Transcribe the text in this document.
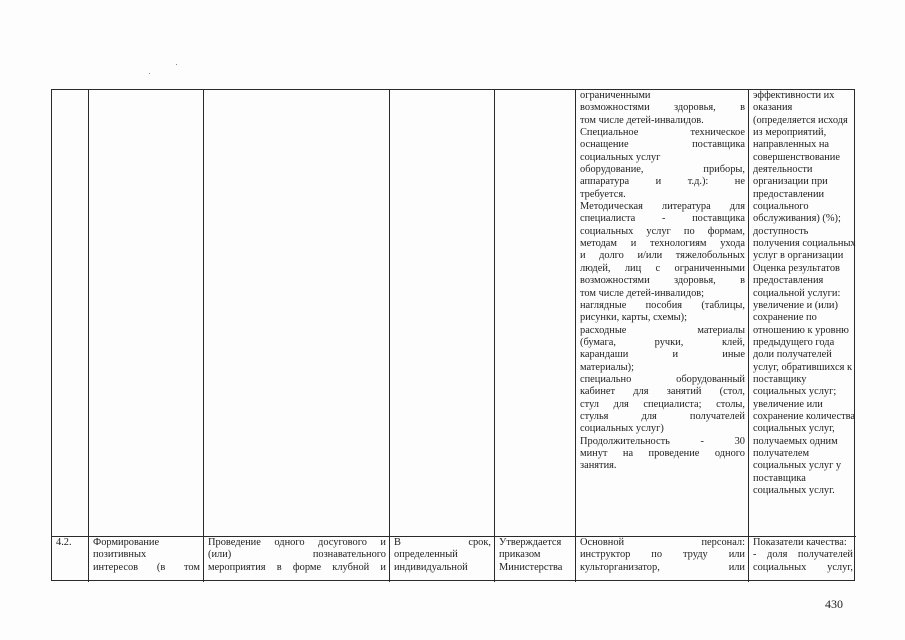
ограниченными
возможностями здоровья, в
том числе детей-инвалидов.
Специальное техническое
оснащение поставщика
социальных услуг
оборудование, приборы,
аппаратура и т.д.): не
требуется.
Методическая литература для
специалиста - поставщика
социальных услуг по формам,
методам и технологиям ухода
и долго и/или тяжелобольных
людей, лиц с ограниченными
возможностями здоровья, в
том числе детей-инвалидов;
наглядные пособия (таблицы,
рисунки, карты, схемы);
расходные материалы
(бумага, ручки, клей,
карандаши и иные
материалы);
специально оборудованный
кабинет для занятий (стол,
стул для специалиста; столы,
стулья для получателей
социальных услуг)
Продолжительность - 30
минут на проведение одного
занятия.
эффективности их
оказания
(определяется исходя
из мероприятий,
направленных на
совершенствование
деятельности
организации при
предоставлении
социального
обслуживания) (%);
доступность
получения социальных
услуг в организации
Оценка результатов
предоставления
социальной услуги:
увеличение и (или)
сохранение по
отношению к уровню
предыдущего года
доли получателей
услуг, обратившихся к
поставщику
социальных услуг;
увеличение или
сохранение количества
социальных услуг,
получаемых одним
получателем
социальных услуг у
поставщика
социальных услуг.
4.2.	Формирование
позитивных
интересов (в том
Проведение одного досугового и
(или) познавательного
мероприятия в форме клубной и
В срок,
определенный
индивидуальной
Утверждается
приказом
Министерства
Основной персонал:
инструктор по труду или
культорганизатор, или
Показатели качества:
- доля получателей
социальных услуг,
430
